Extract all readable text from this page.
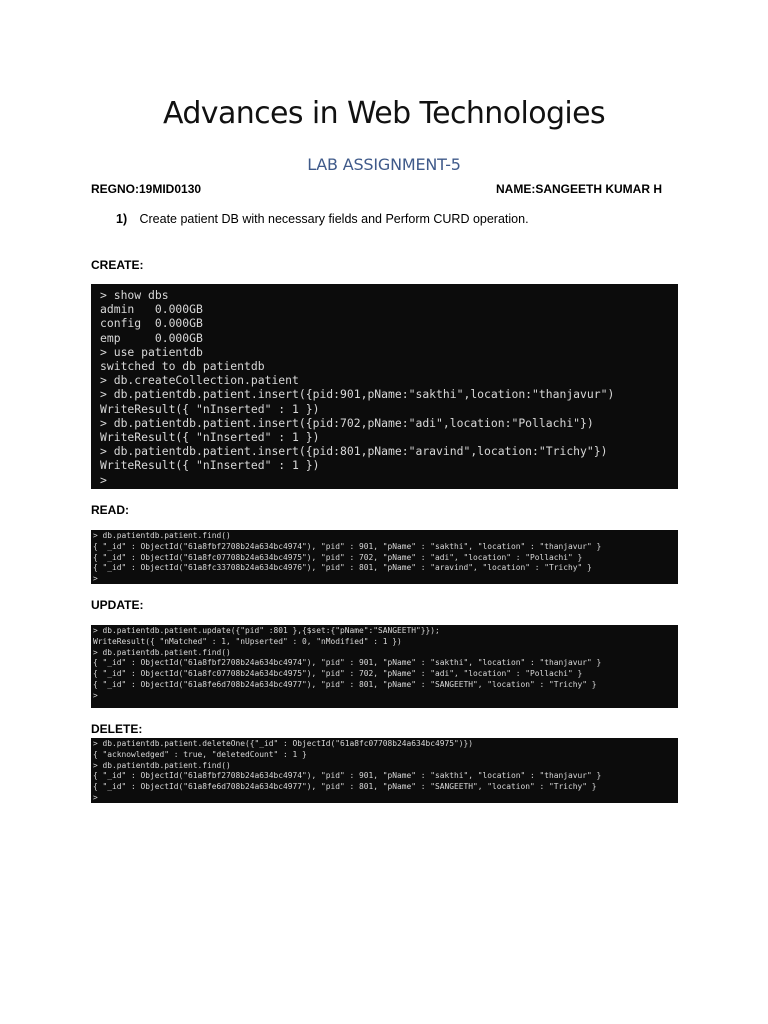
Advances in Web Technologies
LAB ASSIGNMENT-5
REGNO:19MID0130	NAME:SANGEETH KUMAR H
1) Create patient DB with necessary fields and Perform CURD operation.
CREATE:
> show dbs
admin   0.000GB
config  0.000GB
emp     0.000GB
> use patientdb
switched to db patientdb
> db.createCollection.patient
> db.patientdb.patient.insert({pid:901,pName:"sakthi",location:"thanjavur")
WriteResult({ "nInserted" : 1 })
> db.patientdb.patient.insert({pid:702,pName:"adi",location:"Pollachi"})
WriteResult({ "nInserted" : 1 })
> db.patientdb.patient.insert({pid:801,pName:"aravind",location:"Trichy"})
WriteResult({ "nInserted" : 1 })
>
READ:
> db.patientdb.patient.find()
{ "_id" : ObjectId("61a8fbf2708b24a634bc4974"), "pid" : 901, "pName" : "sakthi", "location" : "thanjavur" }
{ "_id" : ObjectId("61a8fc07708b24a634bc4975"), "pid" : 702, "pName" : "adi", "location" : "Pollachi" }
{ "_id" : ObjectId("61a8fc33708b24a634bc4976"), "pid" : 801, "pName" : "aravind", "location" : "Trichy" }
>
UPDATE:
> db.patientdb.patient.update({"pid" :801 },{$set:{"pName":"SANGEETH"}});
WriteResult({ "nMatched" : 1, "nUpserted" : 0, "nModified" : 1 })
> db.patientdb.patient.find()
{ "_id" : ObjectId("61a8fbf2708b24a634bc4974"), "pid" : 901, "pName" : "sakthi", "location" : "thanjavur" }
{ "_id" : ObjectId("61a8fc07708b24a634bc4975"), "pid" : 702, "pName" : "adi", "location" : "Pollachi" }
{ "_id" : ObjectId("61a8fe6d708b24a634bc4977"), "pid" : 801, "pName" : "SANGEETH", "location" : "Trichy" }
>
DELETE:
> db.patientdb.patient.deleteOne({"_id" : ObjectId("61a8fc07708b24a634bc4975")})
{ "acknowledged" : true, "deletedCount" : 1 }
> db.patientdb.patient.find()
{ "_id" : ObjectId("61a8fbf2708b24a634bc4974"), "pid" : 901, "pName" : "sakthi", "location" : "thanjavur" }
{ "_id" : ObjectId("61a8fe6d708b24a634bc4977"), "pid" : 801, "pName" : "SANGEETH", "location" : "Trichy" }
>
